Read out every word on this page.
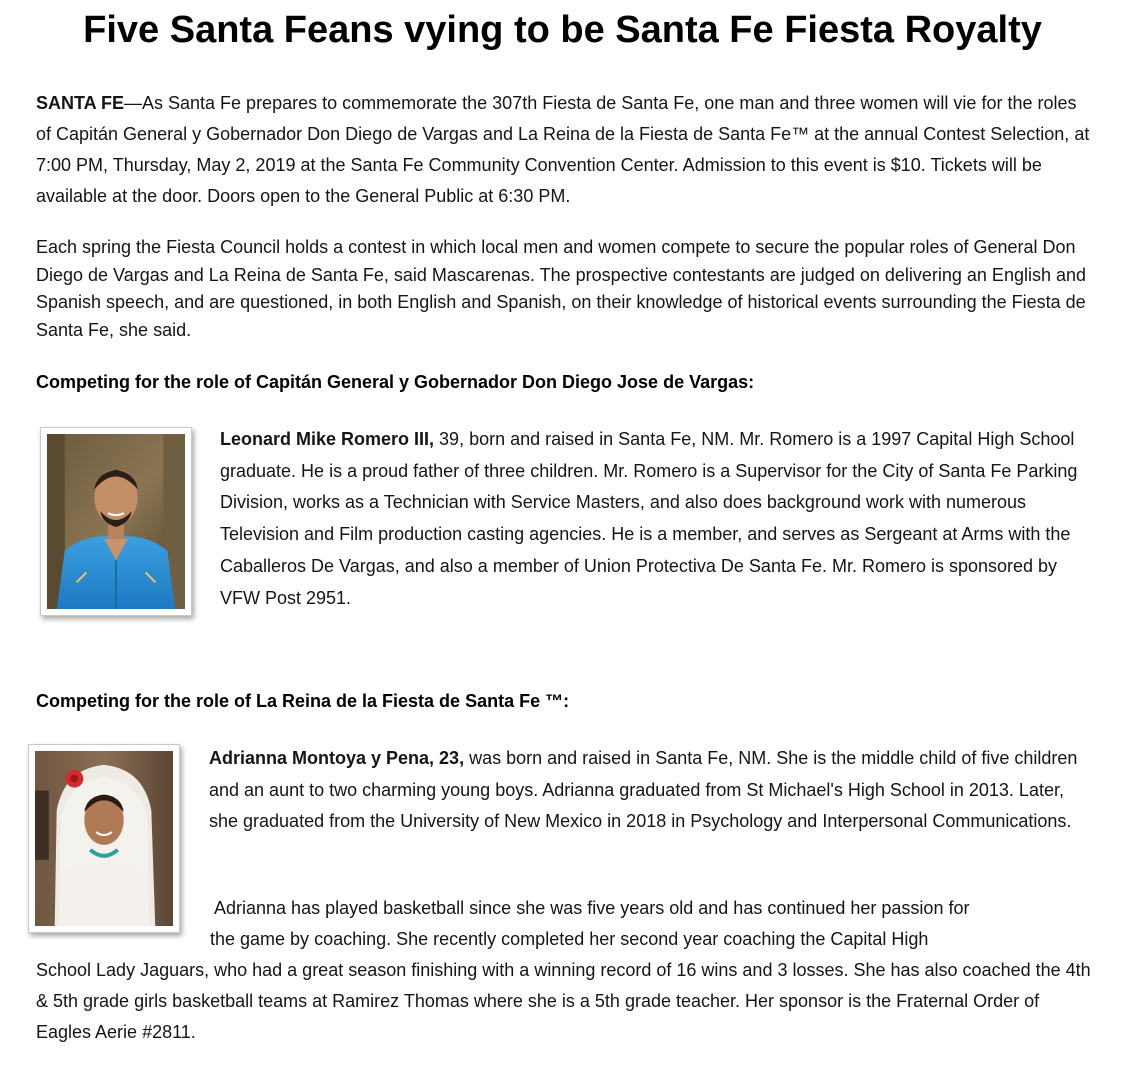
Five Santa Feans vying to be Santa Fe Fiesta Royalty

SANTA FE—As Santa Fe prepares to commemorate the 307th Fiesta de Santa Fe, one man and three women will vie for the roles of Capitán General y Gobernador Don Diego de Vargas and La Reina de la Fiesta de Santa Fe™ at the annual Contest Selection, at 7:00 PM, Thursday, May 2, 2019 at the Santa Fe Community Convention Center. Admission to this event is $10. Tickets will be available at the door. Doors open to the General Public at 6:30 PM.

Each spring the Fiesta Council holds a contest in which local men and women compete to secure the popular roles of General Don Diego de Vargas and La Reina de Santa Fe, said Mascarenas. The prospective contestants are judged on delivering an English and Spanish speech, and are questioned, in both English and Spanish, on their knowledge of historical events surrounding the Fiesta de Santa Fe, she said.

Competing for the role of Capitán General y Gobernador Don Diego Jose de Vargas:
Leonard Mike Romero III, 39, born and raised in Santa Fe, NM. Mr. Romero is a 1997 Capital High School graduate. He is a proud father of three children. Mr. Romero is a Supervisor for the City of Santa Fe Parking Division, works as a Technician with Service Masters, and also does background work with numerous Television and Film production casting agencies. He is a member, and serves as Sergeant at Arms with the Caballeros De Vargas, and also a member of Union Protectiva De Santa Fe. Mr. Romero is sponsored by VFW Post 2951.
Competing for the role of La Reina de la Fiesta de Santa Fe ™:
Adrianna Montoya y Pena, 23, was born and raised in Santa Fe, NM. She is the middle child of five children and an aunt to two charming young boys. Adrianna graduated from St Michael's High School in 2013. Later, she graduated from the University of New Mexico in 2018 in Psychology and Interpersonal Communications.
Adrianna has played basketball since she was five years old and has continued her passion for
the game by coaching. She recently completed her second year coaching the Capital High

School Lady Jaguars, who had a great season finishing with a winning record of 16 wins and 3 losses. She has also coached the 4th & 5th grade girls basketball teams at Ramirez Thomas where she is a 5th grade teacher. Her sponsor is the Fraternal Order of Eagles Aerie #2811.
